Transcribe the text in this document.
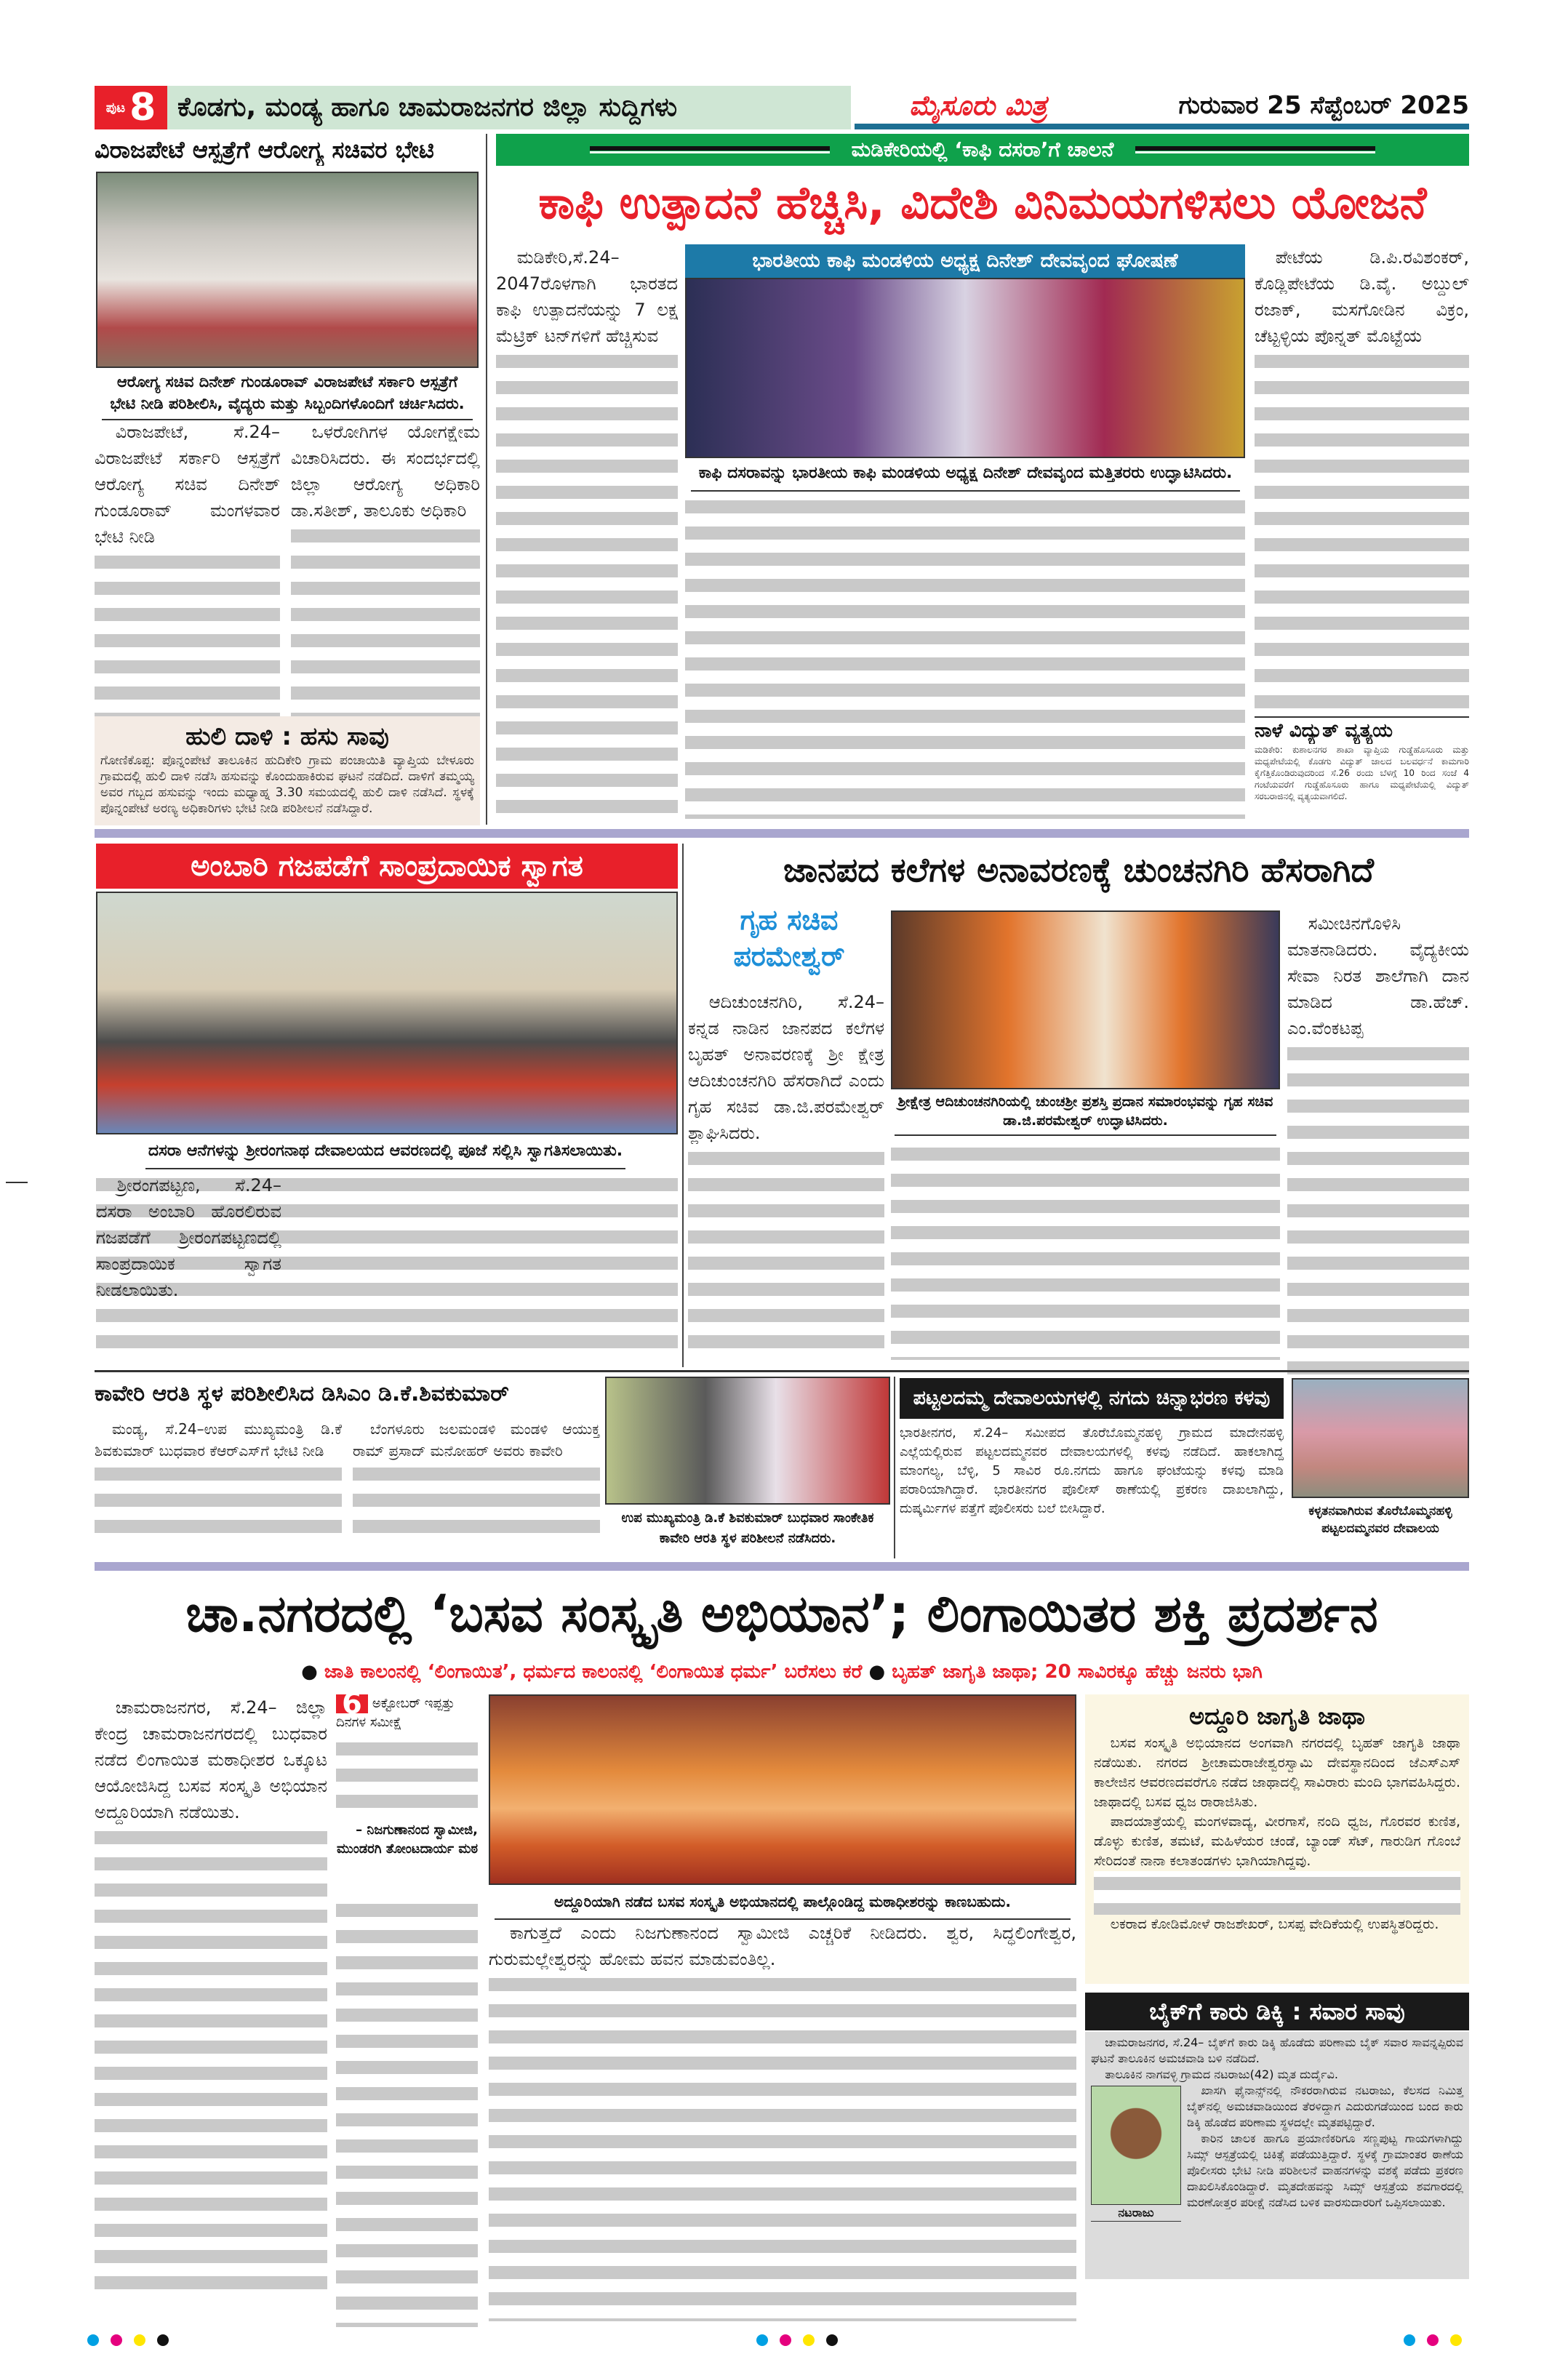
ಪುಟ 8 ಕೊಡಗು, ಮಂಡ್ಯ ಹಾಗೂ ಚಾಮರಾಜನಗರ ಜಿಲ್ಲಾ ಸುದ್ದಿಗಳು	ಮೈಸೂರು ಮಿತ್ರ	ಗುರುವಾರ 25 ಸೆಪ್ಟೆಂಬರ್ 2025
ವಿರಾಜಪೇಟೆ ಆಸ್ಪತ್ರೆಗೆ ಆರೋಗ್ಯ ಸಚಿವರ ಭೇಟಿ
ಆರೋಗ್ಯ ಸಚಿವ ದಿನೇಶ್ ಗುಂಡೂರಾವ್ ವಿರಾಜಪೇಟೆ ಸರ್ಕಾರಿ ಆಸ್ಪತ್ರೆಗೆ ಭೇಟಿ ನೀಡಿ ಪರಿಶೀಲಿಸಿ, ವೈದ್ಯರು ಮತ್ತು ಸಿಬ್ಬಂದಿಗಳೊಂದಿಗೆ ಚರ್ಚಿಸಿದರು.

ವಿರಾಜಪೇಟೆ, ಸೆ.24– ವಿರಾಜಪೇಟೆ ಸರ್ಕಾರಿ ಆಸ್ಪತ್ರೆಗೆ ಆರೋಗ್ಯ ಸಚಿವ ದಿನೇಶ್ ಗುಂಡೂರಾವ್ ಮಂಗಳವಾರ ಭೇಟಿ ನೀಡಿ

ಒಳರೋಗಿಗಳ ಯೋಗಕ್ಷೇಮ ವಿಚಾರಿಸಿದರು. ಈ ಸಂದರ್ಭದಲ್ಲಿ ಜಿಲ್ಲಾ ಆರೋಗ್ಯ ಅಧಿಕಾರಿ ಡಾ.ಸತೀಶ್, ತಾಲೂಕು ಅಧಿಕಾರಿ

ಹುಲಿ ದಾಳಿ : ಹಸು ಸಾವು
ಗೋಣಿಕೊಪ್ಪ: ಪೊನ್ನಂಪೇಟೆ ತಾಲೂಕಿನ ಹುದಿಕೇರಿ ಗ್ರಾಮ ಪಂಚಾಯಿತಿ ವ್ಯಾಪ್ತಿಯ ಬೇಳೂರು ಗ್ರಾಮದಲ್ಲಿ ಹುಲಿ ದಾಳಿ ನಡೆಸಿ ಹಸುವನ್ನು ಕೊಂದುಹಾಕಿರುವ ಘಟನೆ ನಡೆದಿದೆ. ದಾಳಿಗೆ ತಮ್ಮಯ್ಯ ಅವರ ಗಬ್ಬದ ಹಸುವನ್ನು ಇಂದು ಮಧ್ಯಾಹ್ನ 3.30 ಸಮಯದಲ್ಲಿ ಹುಲಿ ದಾಳಿ ನಡೆಸಿದೆ. ಸ್ಥಳಕ್ಕೆ ಪೊನ್ನಂಪೇಟೆ ಅರಣ್ಯ ಅಧಿಕಾರಿಗಳು ಭೇಟಿ ನೀಡಿ ಪರಿಶೀಲನೆ ನಡೆಸಿದ್ದಾರೆ.
ಮಡಿಕೇರಿಯಲ್ಲಿ ‘ಕಾಫಿ ದಸರಾ’ಗೆ ಚಾಲನೆ
ಕಾಫಿ ಉತ್ಪಾದನೆ ಹೆಚ್ಚಿಸಿ, ವಿದೇಶಿ ವಿನಿಮಯಗಳಿಸಲು ಯೋಜನೆ

ಮಡಿಕೇರಿ,ಸೆ.24– 2047ರೊಳಗಾಗಿ ಭಾರತದ ಕಾಫಿ ಉತ್ಪಾದನೆಯನ್ನು 7 ಲಕ್ಷ ಮೆಟ್ರಿಕ್ ಟನ್‌ಗಳಿಗೆ ಹೆಚ್ಚಿಸುವ

ಭಾರತೀಯ ಕಾಫಿ ಮಂಡಳಿಯ ಅಧ್ಯಕ್ಷ ದಿನೇಶ್ ದೇವವೃಂದ ಘೋಷಣೆ
ಕಾಫಿ ದಸರಾವನ್ನು ಭಾರತೀಯ ಕಾಫಿ ಮಂಡಳಿಯ ಅಧ್ಯಕ್ಷ ದಿನೇಶ್ ದೇವವೃಂದ ಮತ್ತಿತರರು ಉದ್ಘಾಟಿಸಿದರು.

ಪೇಟೆಯ ಡಿ.ಪಿ.ರವಿಶಂಕರ್, ಕೊಡ್ಲಿಪೇಟೆಯ ಡಿ.ವೈ. ಅಬ್ದುಲ್ ರಜಾಕ್, ಮಸಗೋಡಿನ ವಿಕ್ರಂ, ಚೆಟ್ಟಳ್ಳಿಯ ಪೊನ್ನತ್ ಮೊಟ್ಟೆಯ

ನಾಳೆ ವಿದ್ಯುತ್ ವ್ಯತ್ಯಯ
ಮಡಿಕೇರಿ: ಕುಶಾಲನಗರ ಶಾಖಾ ವ್ಯಾಪ್ತಿಯ ಗುಡ್ಡೆಹೊಸೂರು ಮತ್ತು ಮಧ್ಯಪೇಟೆಯಲ್ಲಿ ಕೊಡಗು ವಿದ್ಯುತ್ ಜಾಲದ ಬಲವರ್ಧನೆ ಕಾಮಗಾರಿ ಕೈಗೆತ್ತಿಕೊಂಡಿರುವುದರಿಂದ ಸೆ.26 ರಂದು ಬೆಳಗ್ಗೆ 10 ರಿಂದ ಸಂಜೆ 4 ಗಂಟೆಯವರೆಗೆ ಗುಡ್ಡೆಹೊಸೂರು ಹಾಗೂ ಮಧ್ಯಪೇಟೆಯಲ್ಲಿ ವಿದ್ಯುತ್ ಸರಬರಾಜಿನಲ್ಲಿ ವ್ಯತ್ಯಯವಾಗಲಿದೆ.
ಅಂಬಾರಿ ಗಜಪಡೆಗೆ ಸಾಂಪ್ರದಾಯಿಕ ಸ್ವಾಗತ
ದಸರಾ ಆನೆಗಳನ್ನು ಶ್ರೀರಂಗನಾಥ ದೇವಾಲಯದ ಆವರಣದಲ್ಲಿ ಪೂಜೆ ಸಲ್ಲಿಸಿ ಸ್ವಾಗತಿಸಲಾಯಿತು.

ಶ್ರೀರಂಗಪಟ್ಟಣ, ಸೆ.24– ದಸರಾ ಅಂಬಾರಿ ಹೊರಲಿರುವ ಗಜಪಡೆಗೆ ಶ್ರೀರಂಗಪಟ್ಟಣದಲ್ಲಿ ಸಾಂಪ್ರದಾಯಿಕ ಸ್ವಾಗತ ನೀಡಲಾಯಿತು.

ಜಾನಪದ ಕಲೆಗಳ ಅನಾವರಣಕ್ಕೆ ಚುಂಚನಗಿರಿ ಹೆಸರಾಗಿದೆ
ಗೃಹ ಸಚಿವ ಪರಮೇಶ್ವರ್

ಆದಿಚುಂಚನಗಿರಿ, ಸೆ.24–ಕನ್ನಡ ನಾಡಿನ ಜಾನಪದ ಕಲೆಗಳ ಬೃಹತ್ ಅನಾವರಣಕ್ಕೆ ಶ್ರೀ ಕ್ಷೇತ್ರ ಆದಿಚುಂಚನಗಿರಿ ಹೆಸರಾಗಿದೆ ಎಂದು ಗೃಹ ಸಚಿವ ಡಾ.ಜಿ.ಪರಮೇಶ್ವರ್ ಶ್ಲಾಘಿಸಿದರು.

ಶ್ರೀಕ್ಷೇತ್ರ ಆದಿಚುಂಚನಗಿರಿಯಲ್ಲಿ ಚುಂಚಶ್ರೀ ಪ್ರಶಸ್ತಿ ಪ್ರದಾನ ಸಮಾರಂಭವನ್ನು ಗೃಹ ಸಚಿವ ಡಾ.ಜಿ.ಪರಮೇಶ್ವರ್ ಉದ್ಘಾಟಿಸಿದರು.

ಸಮೀಚಿನಗೊಳಿಸಿ ಮಾತನಾಡಿದರು. ವೈದ್ಯಕೀಯ ಸೇವಾ ನಿರತ ಶಾಲೆಗಾಗಿ ದಾನ ಮಾಡಿದ ಡಾ.ಹೆಚ್. ಎಂ.ವೆಂಕಟಪ್ಪ

ಕಾವೇರಿ ಆರತಿ ಸ್ಥಳ ಪರಿಶೀಲಿಸಿದ ಡಿಸಿಎಂ ಡಿ.ಕೆ.ಶಿವಕುಮಾರ್

ಮಂಡ್ಯ, ಸೆ.24–ಉಪ ಮುಖ್ಯಮಂತ್ರಿ ಡಿ.ಕೆ ಶಿವಕುಮಾರ್ ಬುಧವಾರ ಕೆಆರ್‌ಎಸ್‌ಗೆ ಭೇಟಿ ನೀಡಿ

ಬೆಂಗಳೂರು ಜಲಮಂಡಳಿ ಮಂಡಳಿ ಆಯುಕ್ತ ರಾಮ್ ಪ್ರಸಾದ್ ಮನೋಹರ್ ಅವರು ಕಾವೇರಿ

ಉಪ ಮುಖ್ಯಮಂತ್ರಿ ಡಿ.ಕೆ ಶಿವಕುಮಾರ್ ಬುಧವಾರ ಸಾಂಕೇತಿಕ ಕಾವೇರಿ ಆರತಿ ಸ್ಥಳ ಪರಿಶೀಲನೆ ನಡೆಸಿದರು.
ಪಟ್ಟಲದಮ್ಮ ದೇವಾಲಯಗಳಲ್ಲಿ ನಗದು ಚಿನ್ನಾಭರಣ ಕಳವು
ಭಾರತೀನಗರ, ಸೆ.24– ಸಮೀಪದ ತೊರೆಬೊಮ್ಮನಹಳ್ಳಿ ಗ್ರಾಮದ ಮಾದೇನಹಳ್ಳಿ ಎಲ್ಲೆಯಲ್ಲಿರುವ ಪಟ್ಟಲದಮ್ಮನವರ ದೇವಾಲಯಗಳಲ್ಲಿ ಕಳವು ನಡೆದಿದೆ. ಹಾಕಲಾಗಿದ್ದ ಮಾಂಗಲ್ಯ, ಬೆಳ್ಳಿ, 5 ಸಾವಿರ ರೂ.ನಗದು ಹಾಗೂ ಘಂಟೆಯನ್ನು ಕಳವು ಮಾಡಿ ಪರಾರಿಯಾಗಿದ್ದಾರೆ. ಭಾರತೀನಗರ ಪೊಲೀಸ್ ಠಾಣೆಯಲ್ಲಿ ಪ್ರಕರಣ ದಾಖಲಾಗಿದ್ದು, ದುಷ್ಕರ್ಮಿಗಳ ಪತ್ತೆಗೆ ಪೊಲೀಸರು ಬಲೆ ಬೀಸಿದ್ದಾರೆ.	ಕಳ್ಳತನವಾಗಿರುವ ತೊರೆಬೊಮ್ಮನಹಳ್ಳಿ ಪಟ್ಟಲದಮ್ಮನವರ ದೇವಾಲಯ
ಚಾ.ನಗರದಲ್ಲಿ ‘ಬಸವ ಸಂಸ್ಕೃತಿ ಅಭಿಯಾನ’; ಲಿಂಗಾಯಿತರ ಶಕ್ತಿ ಪ್ರದರ್ಶನ
● ಜಾತಿ ಕಾಲಂನಲ್ಲಿ ‘ಲಿಂಗಾಯಿತ’, ಧರ್ಮದ ಕಾಲಂನಲ್ಲಿ ‘ಲಿಂಗಾಯಿತ ಧರ್ಮ’ ಬರೆಸಲು ಕರೆ ● ಬೃಹತ್ ಜಾಗೃತಿ ಜಾಥಾ; 20 ಸಾವಿರಕ್ಕೂ ಹೆಚ್ಚು ಜನರು ಭಾಗಿ

ಚಾಮರಾಜನಗರ, ಸೆ.24– ಜಿಲ್ಲಾ ಕೇಂದ್ರ ಚಾಮರಾಜನಗರದಲ್ಲಿ ಬುಧವಾರ ನಡೆದ ಲಿಂಗಾಯಿತ ಮಠಾಧೀಶರ ಒಕ್ಕೂಟ ಆಯೋಜಿಸಿದ್ದ ಬಸವ ಸಂಸ್ಕೃತಿ ಅಭಿಯಾನ ಅದ್ದೂರಿಯಾಗಿ ನಡೆಯಿತು.

6 ಅಕ್ಟೋಬರ್ ಇಪ್ಪತ್ತು ದಿನಗಳ ಸಮೀಕ್ಷೆ
– ನಿಜಗುಣಾನಂದ ಸ್ವಾಮೀಜಿ, ಮುಂಡರಗಿ ತೋಂಟದಾರ್ಯ ಮಠ
ಅದ್ದೂರಿಯಾಗಿ ನಡೆದ ಬಸವ ಸಂಸ್ಕೃತಿ ಅಭಿಯಾನದಲ್ಲಿ ಪಾಲ್ಗೊಂಡಿದ್ದ ಮಠಾಧೀಶರನ್ನು ಕಾಣಬಹುದು.

ಕಾಗುತ್ತದೆ ಎಂದು ನಿಜಗುಣಾನಂದ ಸ್ವಾಮೀಜಿ ಎಚ್ಚರಿಕೆ ನೀಡಿದರು. ಶ್ವರ, ಸಿದ್ಧಲಿಂಗೇಶ್ವರ, ಗುರುಮಲ್ಲೇಶ್ವರನ್ನು ಹೋಮ ಹವನ ಮಾಡುವಂತಿಲ್ಲ.

ಅದ್ದೂರಿ ಜಾಗೃತಿ ಜಾಥಾ

ಬಸವ ಸಂಸ್ಕೃತಿ ಅಭಿಯಾನದ ಅಂಗವಾಗಿ ನಗರದಲ್ಲಿ ಬೃಹತ್ ಜಾಗೃತಿ ಜಾಥಾ ನಡೆಯಿತು. ನಗರದ ಶ್ರೀಚಾಮರಾಜೇಶ್ವರಸ್ವಾಮಿ ದೇವಸ್ಥಾನದಿಂದ ಜೆಎಸ್‌ಎಸ್ ಕಾಲೇಜಿನ ಆವರಣದವರೆಗೂ ನಡೆದ ಜಾಥಾದಲ್ಲಿ ಸಾವಿರಾರು ಮಂದಿ ಭಾಗವಹಿಸಿದ್ದರು. ಜಾಥಾದಲ್ಲಿ ಬಸವ ಧ್ವಜ ರಾರಾಜಿಸಿತು.

ಪಾದಯಾತ್ರೆಯಲ್ಲಿ ಮಂಗಳವಾದ್ಯ, ವೀರಗಾಸೆ, ನಂದಿ ಧ್ವಜ, ಗೊರವರ ಕುಣಿತ, ಡೊಳ್ಳು ಕುಣಿತ, ತಮಟೆ, ಮಹಿಳೆಯರ ಚಂಡೆ, ಬ್ಯಾಂಡ್ ಸೆಟ್, ಗಾರುಡಿಗ ಗೊಂಬೆ ಸೇರಿದಂತೆ ನಾನಾ ಕಲಾತಂಡಗಳು ಭಾಗಿಯಾಗಿದ್ದವು.

ಲಕರಾದ ಕೋಡಿಮೋಳೆ ರಾಜಶೇಖರ್, ಬಸಪ್ಪ ವೇದಿಕೆಯಲ್ಲಿ ಉಪಸ್ಥಿತರಿದ್ದರು.

ಬೈಕ್‌ಗೆ ಕಾರು ಡಿಕ್ಕಿ : ಸವಾರ ಸಾವು

ಚಾಮರಾಜನಗರ, ಸೆ.24– ಬೈಕ್‌ಗೆ ಕಾರು ಡಿಕ್ಕಿ ಹೊಡೆದು ಪರಿಣಾಮ ಬೈಕ್ ಸವಾರ ಸಾವನ್ನಪ್ಪಿರುವ ಘಟನೆ ತಾಲೂಕಿನ ಅಮಚವಾಡಿ ಬಳಿ ನಡೆದಿದೆ.

ತಾಲೂಕಿನ ನಾಗವಳ್ಳಿ ಗ್ರಾಮದ ನಟರಾಜು(42) ಮೃತ ದುರ್ದೈವಿ.

ನಟರಾಜು

ಖಾಸಗಿ ಫೈನಾನ್ಸ್‌ನಲ್ಲಿ ನೌಕರರಾಗಿರುವ ನಟರಾಜು, ಕೆಲಸದ ನಿಮಿತ್ತ ಬೈಕ್‌ನಲ್ಲಿ ಅಮಚವಾಡಿಯಿಂದ ತೆರಳಿದ್ದಾಗ ಎದುರುಗಡೆಯಿಂದ ಬಂದ ಕಾರು ಡಿಕ್ಕಿ ಹೊಡೆದ ಪರಿಣಾಮ ಸ್ಥಳದಲ್ಲೇ ಮೃತಪಟ್ಟಿದ್ದಾರೆ.

ಕಾರಿನ ಚಾಲಕ ಹಾಗೂ ಪ್ರಯಾಣಿಕರಿಗೂ ಸಣ್ಣಪುಟ್ಟ ಗಾಯಗಳಾಗಿದ್ದು ಸಿಮ್ಸ್ ಆಸ್ಪತ್ರೆಯಲ್ಲಿ ಚಿಕಿತ್ಸೆ ಪಡೆಯುತ್ತಿದ್ದಾರೆ. ಸ್ಥಳಕ್ಕೆ ಗ್ರಾಮಾಂತರ ಠಾಣೆಯ ಪೊಲೀಸರು ಭೇಟಿ ನೀಡಿ ಪರಿಶೀಲನೆ ವಾಹನಗಳನ್ನು ವಶಕ್ಕೆ ಪಡೆದು ಪ್ರಕರಣ ದಾಖಲಿಸಿಕೊಂಡಿದ್ದಾರೆ. ಮೃತದೇಹವನ್ನು ಸಿಮ್ಸ್ ಆಸ್ಪತ್ರೆಯ ಶವಗಾರದಲ್ಲಿ ಮರಣೋತ್ತರ ಪರೀಕ್ಷೆ ನಡೆಸಿದ ಬಳಿಕ ವಾರಸುದಾರರಿಗೆ ಒಪ್ಪಿಸಲಾಯಿತು.
